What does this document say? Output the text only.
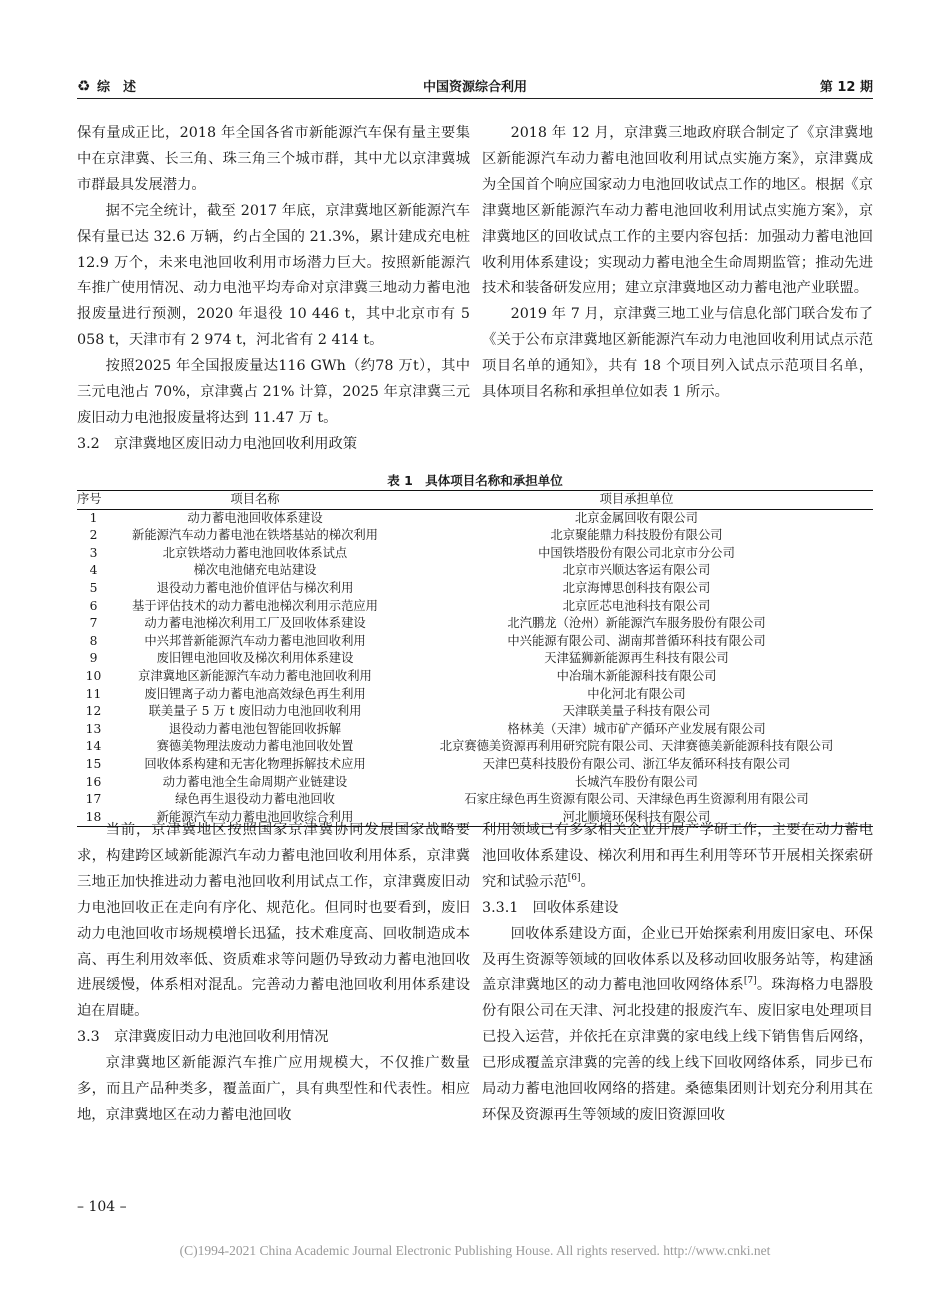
♻ 综　述	中国资源综合利用	第 12 期

保有量成正比，2018 年全国各省市新能源汽车保有量主要集中在京津冀、长三角、珠三角三个城市群，其中尤以京津冀城市群最具发展潜力。

据不完全统计，截至 2017 年底，京津冀地区新能源汽车保有量已达 32.6 万辆，约占全国的 21.3%，累计建成充电桩 12.9 万个，未来电池回收利用市场潜力巨大。按照新能源汽车推广使用情况、动力电池平均寿命对京津冀三地动力蓄电池报废量进行预测，2020 年退役 10 446 t，其中北京市有 5 058 t，天津市有 2 974 t，河北省有 2 414 t。

按照2025 年全国报废量达116 GWh（约78 万t），其中三元电池占 70%，京津冀占 21% 计算，2025 年京津冀三元废旧动力电池报废量将达到 11.47 万 t。

3.2　京津冀地区废旧动力电池回收利用政策

2018 年 12 月，京津冀三地政府联合制定了《京津冀地区新能源汽车动力蓄电池回收利用试点实施方案》，京津冀成为全国首个响应国家动力电池回收试点工作的地区。根据《京津冀地区新能源汽车动力蓄电池回收利用试点实施方案》，京津冀地区的回收试点工作的主要内容包括：加强动力蓄电池回收利用体系建设；实现动力蓄电池全生命周期监管；推动先进技术和装备研发应用；建立京津冀地区动力蓄电池产业联盟。

2019 年 7 月，京津冀三地工业与信息化部门联合发布了《关于公布京津冀地区新能源汽车动力电池回收利用试点示范项目名单的通知》，共有 18 个项目列入试点示范项目名单，具体项目名称和承担单位如表 1 所示。

表 1　具体项目名称和承担单位
序号	项目名称	项目承担单位
1	动力蓄电池回收体系建设	北京金属回收有限公司
2	新能源汽车动力蓄电池在铁塔基站的梯次利用	北京聚能鼎力科技股份有限公司
3	北京铁塔动力蓄电池回收体系试点	中国铁塔股份有限公司北京市分公司
4	梯次电池储充电站建设	北京市兴顺达客运有限公司
5	退役动力蓄电池价值评估与梯次利用	北京海博思创科技有限公司
6	基于评估技术的动力蓄电池梯次利用示范应用	北京匠芯电池科技有限公司
7	动力蓄电池梯次利用工厂及回收体系建设	北汽鹏龙（沧州）新能源汽车服务股份有限公司
8	中兴邦普新能源汽车动力蓄电池回收利用	中兴能源有限公司、湖南邦普循环科技有限公司
9	废旧锂电池回收及梯次利用体系建设	天津猛狮新能源再生科技有限公司
10	京津冀地区新能源汽车动力蓄电池回收利用	中冶瑞木新能源科技有限公司
11	废旧锂离子动力蓄电池高效绿色再生利用	中化河北有限公司
12	联美量子 5 万 t 废旧动力电池回收利用	天津联美量子科技有限公司
13	退役动力蓄电池包智能回收拆解	格林美（天津）城市矿产循环产业发展有限公司
14	赛德美物理法废动力蓄电池回收处置	北京赛德美资源再利用研究院有限公司、天津赛德美新能源科技有限公司
15	回收体系构建和无害化物理拆解技术应用	天津巴莫科技股份有限公司、浙江华友循环科技有限公司
16	动力蓄电池全生命周期产业链建设	长城汽车股份有限公司
17	绿色再生退役动力蓄电池回收	石家庄绿色再生资源有限公司、天津绿色再生资源利用有限公司
18	新能源汽车动力蓄电池回收综合利用	河北顺境环保科技有限公司

当前，京津冀地区按照国家京津冀协同发展国家战略要求，构建跨区域新能源汽车动力蓄电池回收利用体系，京津冀三地正加快推进动力蓄电池回收利用试点工作，京津冀废旧动力电池回收正在走向有序化、规范化。但同时也要看到，废旧动力电池回收市场规模增长迅猛，技术难度高、回收制造成本高、再生利用效率低、资质难求等问题仍导致动力蓄电池回收进展缓慢，体系相对混乱。完善动力蓄电池回收利用体系建设迫在眉睫。

3.3　京津冀废旧动力电池回收利用情况

京津冀地区新能源汽车推广应用规模大，不仅推广数量多，而且产品种类多，覆盖面广，具有典型性和代表性。相应地，京津冀地区在动力蓄电池回收

利用领域已有多家相关企业开展产学研工作，主要在动力蓄电池回收体系建设、梯次利用和再生利用等环节开展相关探索研究和试验示范[6]。

3.3.1　回收体系建设

回收体系建设方面，企业已开始探索利用废旧家电、环保及再生资源等领域的回收体系以及移动回收服务站等，构建涵盖京津冀地区的动力蓄电池回收网络体系[7]。珠海格力电器股份有限公司在天津、河北投建的报废汽车、废旧家电处理项目已投入运营，并依托在京津冀的家电线上线下销售售后网络，已形成覆盖京津冀的完善的线上线下回收网络体系，同步已布局动力蓄电池回收网络的搭建。桑德集团则计划充分利用其在环保及资源再生等领域的废旧资源回收

– 104 –
(C)1994-2021 China Academic Journal Electronic Publishing House. All rights reserved. http://www.cnki.net
